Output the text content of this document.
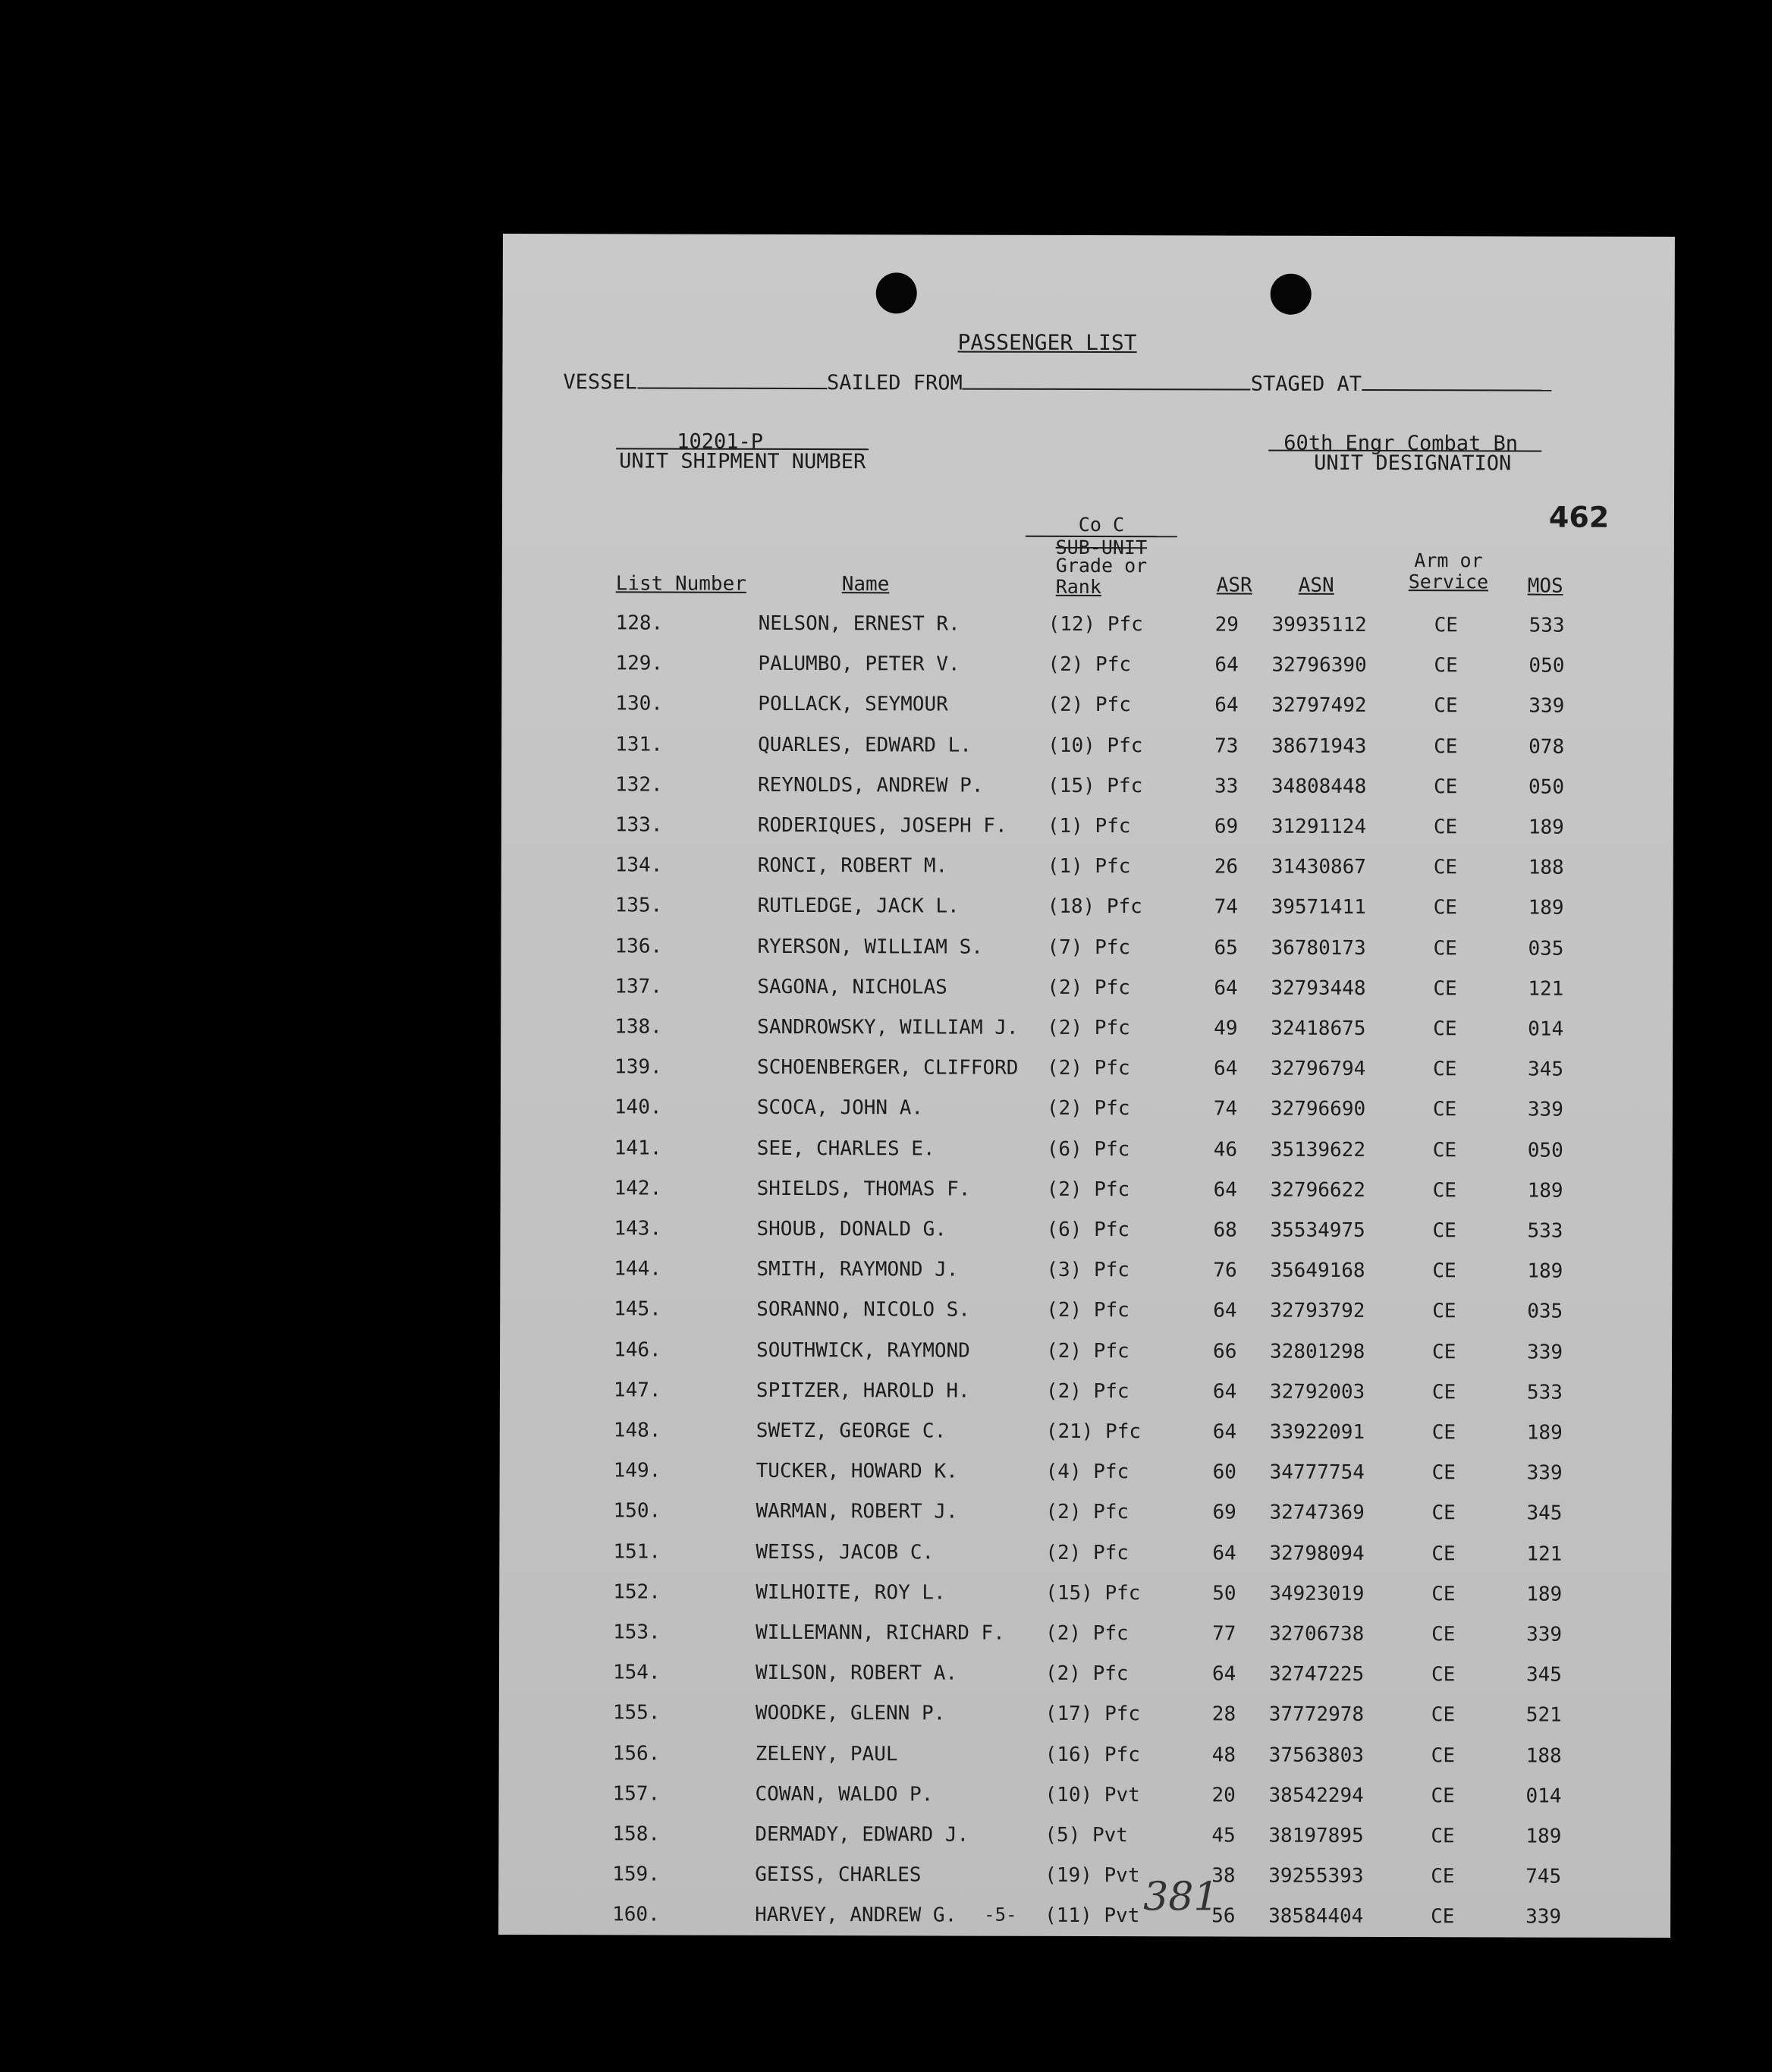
PASSENGER LIST
VESSEL	SAILED FROM	STAGED AT
10201-P
UNIT SHIPMENT NUMBER
60th Engr Combat Bn
UNIT DESIGNATION
462
Co C
SUB-UNIT
Grade or
Rank
List Number	Name	ASR ASN
Arm or
Service MOS
128.	NELSON, ERNEST R.	(12) Pfc	29 39935112	CE	533
129.	PALUMBO, PETER V.	(2) Pfc	64 32796390	CE	050
130.	POLLACK, SEYMOUR	(2) Pfc	64 32797492	CE	339
131.	QUARLES, EDWARD L.	(10) Pfc	73 38671943	CE	078
132.	REYNOLDS, ANDREW P.	(15) Pfc	33 34808448	CE	050
133.	RODERIQUES, JOSEPH F. (1) Pfc	69 31291124	CE	189
134.	RONCI, ROBERT M.	(1) Pfc	26 31430867	CE	188
135.	RUTLEDGE, JACK L.	(18) Pfc	74 39571411	CE	189
136.	RYERSON, WILLIAM S.	(7) Pfc	65 36780173	CE	035
137.	SAGONA, NICHOLAS	(2) Pfc	64 32793448	CE	121
138.	SANDROWSKY, WILLIAM J. (2) Pfc	49 32418675	CE	014
139.	SCHOENBERGER, CLIFFORD (2) Pfc	64 32796794	CE	345
140.	SCOCA, JOHN A.	(2) Pfc	74 32796690	CE	339
141.	SEE, CHARLES E.	(6) Pfc	46 35139622	CE	050
142.	SHIELDS, THOMAS F.	(2) Pfc	64 32796622	CE	189
143.	SHOUB, DONALD G.	(6) Pfc	68 35534975	CE	533
144.	SMITH, RAYMOND J.	(3) Pfc	76 35649168	CE	189
145.	SORANNO, NICOLO S.	(2) Pfc	64 32793792	CE	035
146.	SOUTHWICK, RAYMOND	(2) Pfc	66 32801298	CE	339
147.	SPITZER, HAROLD H.	(2) Pfc	64 32792003	CE	533
148.	SWETZ, GEORGE C.	(21) Pfc	64 33922091	CE	189
149.	TUCKER, HOWARD K.	(4) Pfc	60 34777754	CE	339
150.	WARMAN, ROBERT J.	(2) Pfc	69 32747369	CE	345
151.	WEISS, JACOB C.	(2) Pfc	64 32798094	CE	121
152.	WILHOITE, ROY L.	(15) Pfc	50 34923019	CE	189
153.	WILLEMANN, RICHARD F. (2) Pfc	77 32706738	CE	339
154.	WILSON, ROBERT A.	(2) Pfc	64 32747225	CE	345
155.	WOODKE, GLENN P.	(17) Pfc	28 37772978	CE	521
156.	ZELENY, PAUL	(16) Pfc	48 37563803	CE	188
157.	COWAN, WALDO P.	(10) Pvt	20 38542294	CE	014
158.	DERMADY, EDWARD J.	(5) Pvt	45 38197895	CE	189
159.	GEISS, CHARLES	(19) Pvt	38 39255393	CE	745
160.	HARVEY, ANDREW G.	(11) Pvt	56 38584404	CE	339
-5-	381
